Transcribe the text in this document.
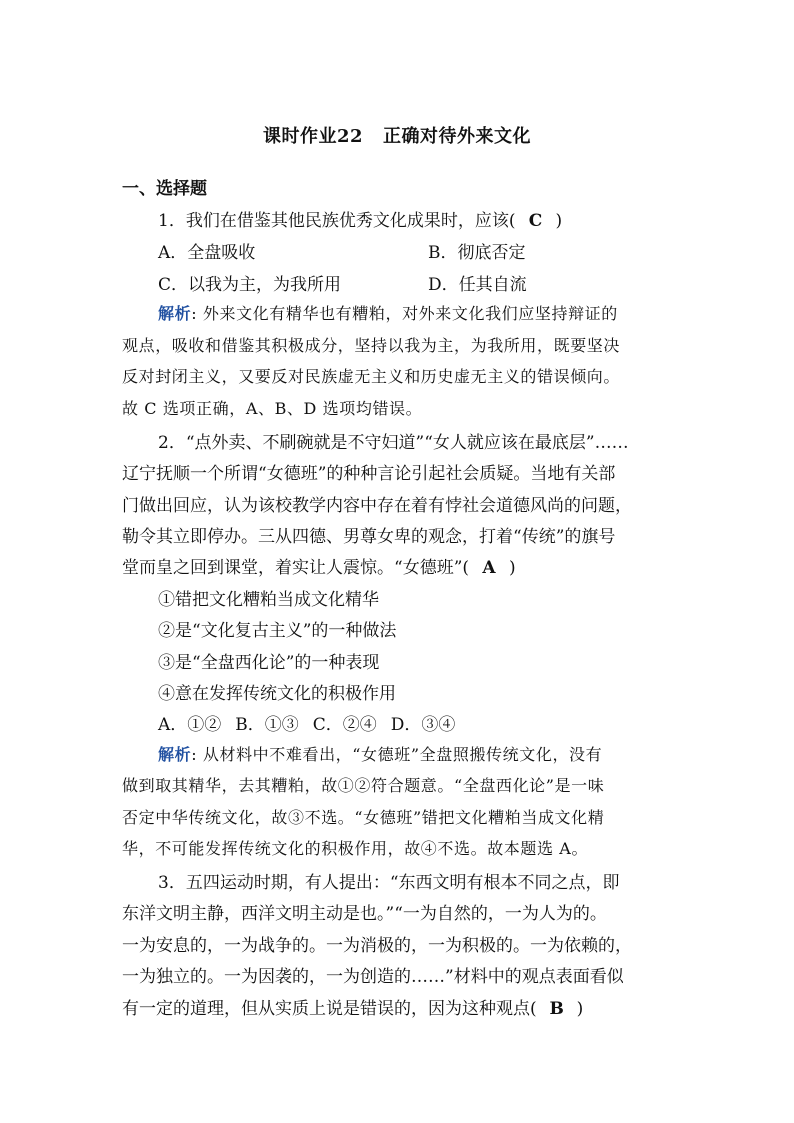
课时作业22 正确对待外来文化
一、选择题
1．我们在借鉴其他民族优秀文化成果时，应该( C )
A．全盘吸收	B．彻底否定
C．以我为主，为我所用	D．任其自流
解析: 外来文化有精华也有糟粕，对外来文化我们应坚持辩证的
观点，吸收和借鉴其积极成分，坚持以我为主，为我所用，既要坚决
反对封闭主义，又要反对民族虚无主义和历史虚无主义的错误倾向。
故 C 选项正确，A、B、D 选项均错误。
2．“点外卖、不刷碗就是不守妇道”“女人就应该在最底层”……
辽宁抚顺一个所谓“女德班”的种种言论引起社会质疑。当地有关部
门做出回应，认为该校教学内容中存在着有悖社会道德风尚的问题，
勒令其立即停办。三从四德、男尊女卑的观念，打着“传统”的旗号
堂而皇之回到课堂，着实让人震惊。“女德班”( A )
①错把文化糟粕当成文化精华
②是“文化复古主义”的一种做法
③是“全盘西化论”的一种表现
④意在发挥传统文化的积极作用
A．①② B．①③ C．②④ D．③④
解析: 从材料中不难看出，“女德班”全盘照搬传统文化，没有
做到取其精华，去其糟粕，故①②符合题意。“全盘西化论”是一味
否定中华传统文化，故③不选。“女德班”错把文化糟粕当成文化精
华，不可能发挥传统文化的积极作用，故④不选。故本题选 A。
3．五四运动时期，有人提出：“东西文明有根本不同之点，即
东洋文明主静，西洋文明主动是也。”“一为自然的，一为人为的。
一为安息的，一为战争的。一为消极的，一为积极的。一为依赖的，
一为独立的。一为因袭的，一为创造的……”材料中的观点表面看似
有一定的道理，但从实质上说是错误的，因为这种观点( B )
